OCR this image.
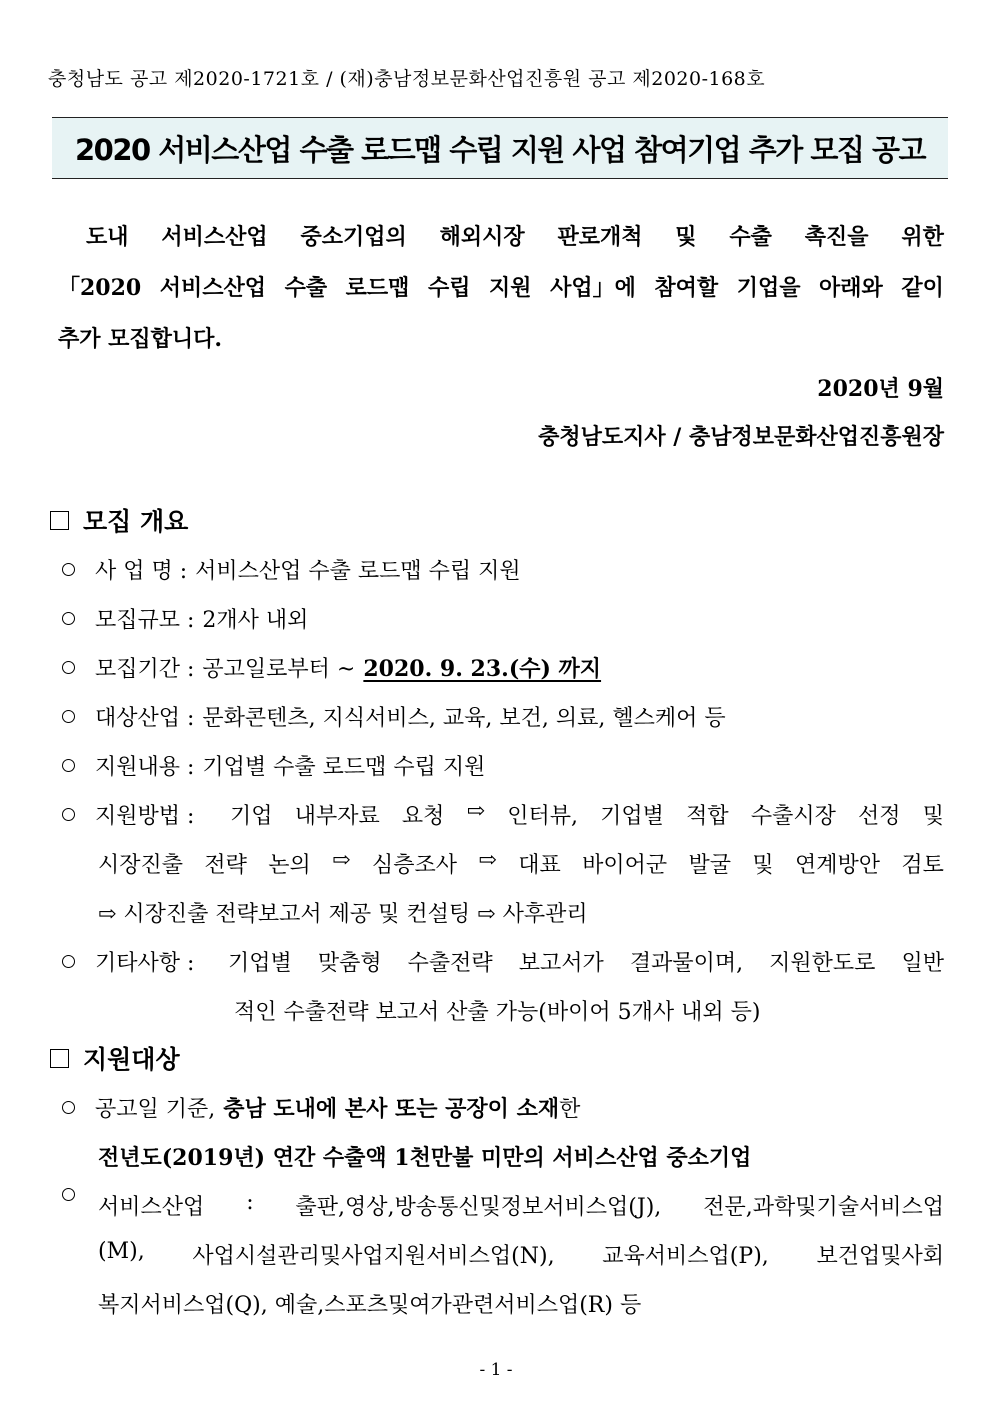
충청남도 공고 제2020-1721호 / (재)충남정보문화산업진흥원 공고 제2020-168호
2020 서비스산업 수출 로드맵 수립 지원 사업 참여기업 추가 모집 공고
도내 서비스산업 중소기업의 해외시장 판로개척 및 수출 촉진을 위한
「2020 서비스산업 수출 로드맵 수립 지원 사업」에 참여할 기업을 아래와 같이
추가 모집합니다.
2020년 9월
충청남도지사 / 충남정보문화산업진흥원장
모집 개요
사 업 명 : 서비스산업 수출 로드맵 수립 지원
모집규모 : 2개사 내외
모집기간 : 공고일로부터 ~ 2020. 9. 23.(수) 까지
대상산업 : 문화콘텐츠, 지식서비스, 교육, 보건, 의료, 헬스케어 등
지원내용 : 기업별 수출 로드맵 수립 지원
지원방법 : 기업 내부자료 요청 ⇨ 인터뷰, 기업별 적합 수출시장 선정 및
시장진출 전략 논의 ⇨ 심층조사 ⇨ 대표 바이어군 발굴 및 연계방안 검토
⇨ 시장진출 전략보고서 제공 및 컨설팅 ⇨ 사후관리
기타사항 : 기업별 맞춤형 수출전략 보고서가 결과물이며, 지원한도로 일반
적인 수출전략 보고서 산출 가능(바이어 5개사 내외 등)
지원대상
공고일 기준, 충남 도내에 본사 또는 공장이 소재 한
전년도(2019년) 연간 수출액 1천만불 미만의 서비스산업 중소기업
서비스산업 : 출판,영상,방송통신및정보서비스업(J), 전문,과학및기술서비스업
(M), 사업시설관리및사업지원서비스업(N), 교육서비스업(P), 보건업및사회
복지서비스업(Q), 예술,스포츠및여가관련서비스업(R) 등
- 1 -
